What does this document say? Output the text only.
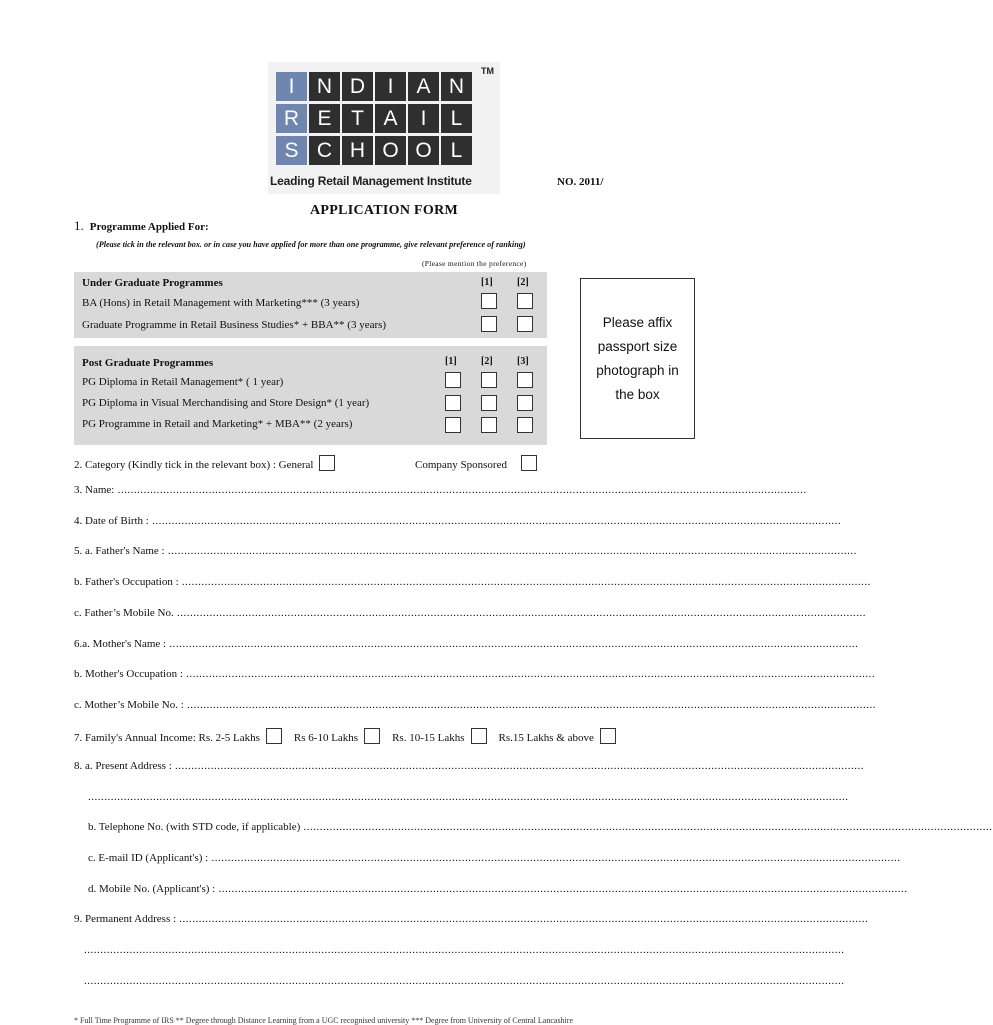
I	N D	I	A N
R E T A	I	L
S C H O O L
TM
Leading Retail Management Institute	NO. 2011/
APPLICATION FORM
1. Programme Applied For:
(Please tick in the relevant box. or in case you have applied for more than one programme, give relevant preference of ranking)
(Please mention the preference)
Under Graduate Programmes	[1] [2]
BA (Hons) in Retail Management with Marketing*** (3 years)
Graduate Programme in Retail Business Studies* + BBA** (3 years)
Post Graduate Programmes	[1] [2] [3]
PG Diploma in Retail Management* ( 1 year)
PG Diploma in Visual Merchandising and Store Design* (1 year)
PG Programme in Retail and Marketing* + MBA** (2 years)
Please affix passport size photograph in the box
2. Category (Kindly tick in the relevant box) : General	Company Sponsored
3. Name: ....................................................................................................................................................................................................................
4. Date of Birth : ....................................................................................................................................................................................................................
5. a. Father's Name : ....................................................................................................................................................................................................................
b. Father's Occupation : ....................................................................................................................................................................................................................
c. Father’s Mobile No. ....................................................................................................................................................................................................................
6.a. Mother's Name : ....................................................................................................................................................................................................................
b. Mother's Occupation : ....................................................................................................................................................................................................................
c. Mother’s Mobile No. : ....................................................................................................................................................................................................................
7. Family's Annual Income: Rs. 2-5 Lakhs	Rs 6-10 Lakhs	Rs. 10-15 Lakhs	Rs.15 Lakhs & above
8. a. Present Address : ....................................................................................................................................................................................................................
..........................................................................................................................................................................................................................................
b. Telephone No. (with STD code, if applicable) ....................................................................................................................................................................................................................
c. E-mail ID (Applicant's) : ....................................................................................................................................................................................................................
d. Mobile No. (Applicant's) : ....................................................................................................................................................................................................................
9. Permanent Address : ....................................................................................................................................................................................................................
..........................................................................................................................................................................................................................................
..........................................................................................................................................................................................................................................
* Full Time Programme of IRS ** Degree through Distance Learning from a UGC recognised university *** Degree from University of Central Lancashire
